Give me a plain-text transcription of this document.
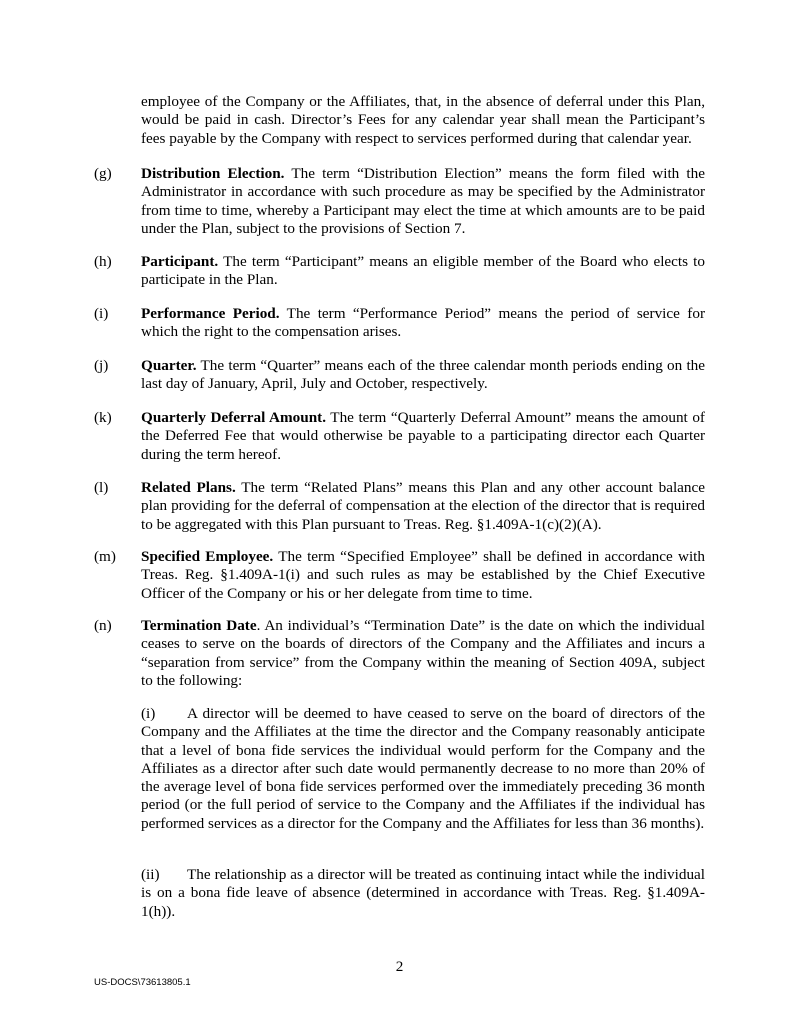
employee of the Company or the Affiliates, that, in the absence of deferral under this Plan, would be paid in cash. Director’s Fees for any calendar year shall mean the Participant’s fees payable by the Company with respect to services performed during that calendar year.
(g) Distribution Election. The term “Distribution Election” means the form filed with the Administrator in accordance with such procedure as may be specified by the Administrator from time to time, whereby a Participant may elect the time at which amounts are to be paid under the Plan, subject to the provisions of Section 7.
(h) Participant. The term “Participant” means an eligible member of the Board who elects to participate in the Plan.
(i) Performance Period. The term “Performance Period” means the period of service for which the right to the compensation arises.
(j) Quarter. The term “Quarter” means each of the three calendar month periods ending on the last day of January, April, July and October, respectively.
(k) Quarterly Deferral Amount. The term “Quarterly Deferral Amount” means the amount of the Deferred Fee that would otherwise be payable to a participating director each Quarter during the term hereof.
(l) Related Plans. The term “Related Plans” means this Plan and any other account balance plan providing for the deferral of compensation at the election of the director that is required to be aggregated with this Plan pursuant to Treas. Reg. §1.409A-1(c)(2)(A).
(m) Specified Employee. The term “Specified Employee” shall be defined in accordance with Treas. Reg. §1.409A-1(i) and such rules as may be established by the Chief Executive Officer of the Company or his or her delegate from time to time.
(n) Termination Date. An individual’s “Termination Date” is the date on which the individual ceases to serve on the boards of directors of the Company and the Affiliates and incurs a “separation from service” from the Company within the meaning of Section 409A, subject to the following:
(i) A director will be deemed to have ceased to serve on the board of directors of the Company and the Affiliates at the time the director and the Company reasonably anticipate that a level of bona fide services the individual would perform for the Company and the Affiliates as a director after such date would permanently decrease to no more than 20% of the average level of bona fide services performed over the immediately preceding 36 month period (or the full period of service to the Company and the Affiliates if the individual has performed services as a director for the Company and the Affiliates for less than 36 months).
(ii) The relationship as a director will be treated as continuing intact while the individual is on a bona fide leave of absence (determined in accordance with Treas. Reg. §1.409A-1(h)).
2
US-DOCS\73613805.1
